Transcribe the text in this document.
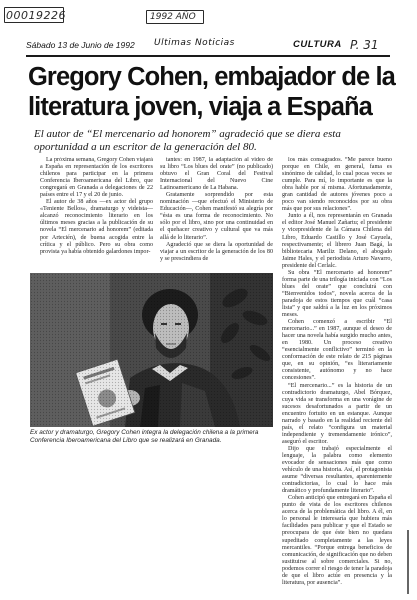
00019226	1992 AÑO
P. 31
Sábado 13 de Junio de 1992 Ultimas Noticias	CULTURA
Gregory Cohen, embajador de la literatura joven, viaja a España
El autor de “El mercenario ad honorem” agradeció que se diera esta oportunidad a un escritor de la generación del 80.

La próxima semana, Gregory Cohen viajará a España en representación de los escritores chilenos para participar en la primera Conferencia Iberoamericana del Libro, que congregará en Granada a delegaciones de 22 países entre el 17 y el 20 de junio.

El autor de 38 años —ex actor del grupo «Teniente Bellos», dramaturgo y videista— alcanzó reconocimiento literario en los últimos meses gracias a la publicación de su novela “El mercenario ad honorem” (editada por Artecién), de buena acogida entre la crítica y el público. Pero su obra como provista ya había obtenido galardones impor-

tantes: en 1987, la adaptación al video de su libro “Los blues del orate” (no publicado) obtuvo el Gran Coral del Festival Internacional del Nuevo Cine Latinoamericano de La Habana.

Gratamente sorprendido por esta nominación —que efectuó el Ministerio de Educación—, Cohen manifestó su alegría por “ésta es una forma de reconocimiento. No sólo por el libro, sino por una continuidad en el quehacer creativo y cultural que va más allá de lo literario”.

Agradeció que se diera la oportunidad de viajar a un escritor de la generación de los 80 y se prescindiera de

los más consagrados. “Me parece bueno porque en Chile, en general, fama es sinónimo de calidad, lo cual pocas veces se cumple. Para mí, lo importante es que la obra hable por sí misma. Afortunadamente, gran cantidad de autores jóvenes poco a poco van siendo reconocidos por su obra más que por sus relaciones”.

Junto a él, nos representarán en Granada el editor José Manuel Zañartu; el presidente y vicepresidente de la Cámara Chilena del Libro, Eduardo Castillo y José Cayuela, respectivamente; el librero Juan Bagá, la bibliotecaria Mariliz Delano, el abogado Jaime Hales, y el periodista Arturo Navarro, presidente del Cerlalc.

Su obra “El mercenario ad honorem” forma parte de una trilogía iniciada con “Los blues del orate” que concluirá con “Bienvenidos todos”, novela acerca de la paradoja de estos tiempos que cuál “casa lista” y que saldrá a la luz en los próximos meses.

Cohen comenzó a escribir “El mercenario...” en 1987, aunque el deseo de hacer una novela había surgido mucho antes, en 1980. Un proceso creativo “esencialmente conflictivo” terminó en la conformación de este relato de 215 páginas que, en su opinión, “es literariamente consistente, autónomo y no hace concesiones”.

“El mercenario...” es la historia de un contradictorio dramaturgo, Abel Bórquez, cuya vida se transforma en una vorágine de sucesos desafortunados a partir de un encuentro fortuito en un estanque. Aunque narrado y basado en la realidad reciente del país, el relato “configura un material independiente y tremendamente irónico”, aseguró el escritor.

Dijo que trabajó especialmente el lenguaje, la palabra como elemento evocador de sensaciones más que como vehículo de una historia. Así, el protagonista asume “diversas resultantes, aparentemente contradictorias, lo cual lo hace más dramático y profundamente literario”.

Cohen anticipó que entregará en España el punto de vista de los escritores chilenos acerca de la problemática del libro. A él, en lo personal le interesaría que hubiera más facilidades para publicar y que el Estado se preocupara de que éste bien no quedara supeditado completamente a las leyes mercantiles. “Porque entrega beneficios de comunicación, de significación que no deben sustituirse al sobre comerciales. Si no, podemos correr el riesgo de tener la paradoja de que el libro actúe en presencia y la literatura, por ausencia”.

Ex actor y dramaturgo, Gregory Cohen integra la delegación chilena a la primera Conferencia Iberoamericana del Libro que se realizará en Granada.
